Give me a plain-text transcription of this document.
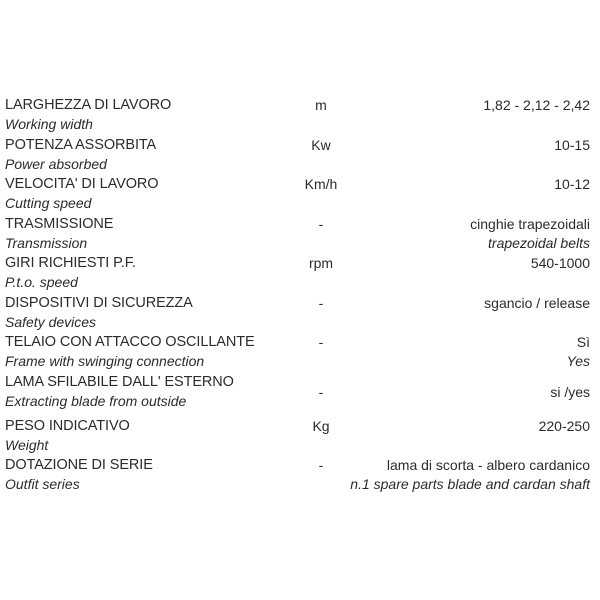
LARGHEZZA DI LAVORO
Working width
m	1,82 - 2,12 - 2,42
POTENZA ASSORBITA
Power absorbed
Kw	10-15
VELOCITA' DI LAVORO
Cutting speed
Km/h	10-12
TRASMISSIONE
Transmission
-	cinghie trapezoidali
trapezoidal belts
GIRI RICHIESTI P.F.
P.t.o. speed
rpm	540-1000
DISPOSITIVI DI SICUREZZA
Safety devices
-	sgancio / release
TELAIO CON ATTACCO OSCILLANTE
Frame with swinging connection
-	Sì
Yes
LAMA SFILABILE DALL' ESTERNO
Extracting blade from outside
-	si /yes
PESO INDICATIVO
Weight
Kg	220-250
DOTAZIONE DI SERIE
Outfit series
-	lama di scorta - albero cardanico
n.1 spare parts blade and cardan shaft
